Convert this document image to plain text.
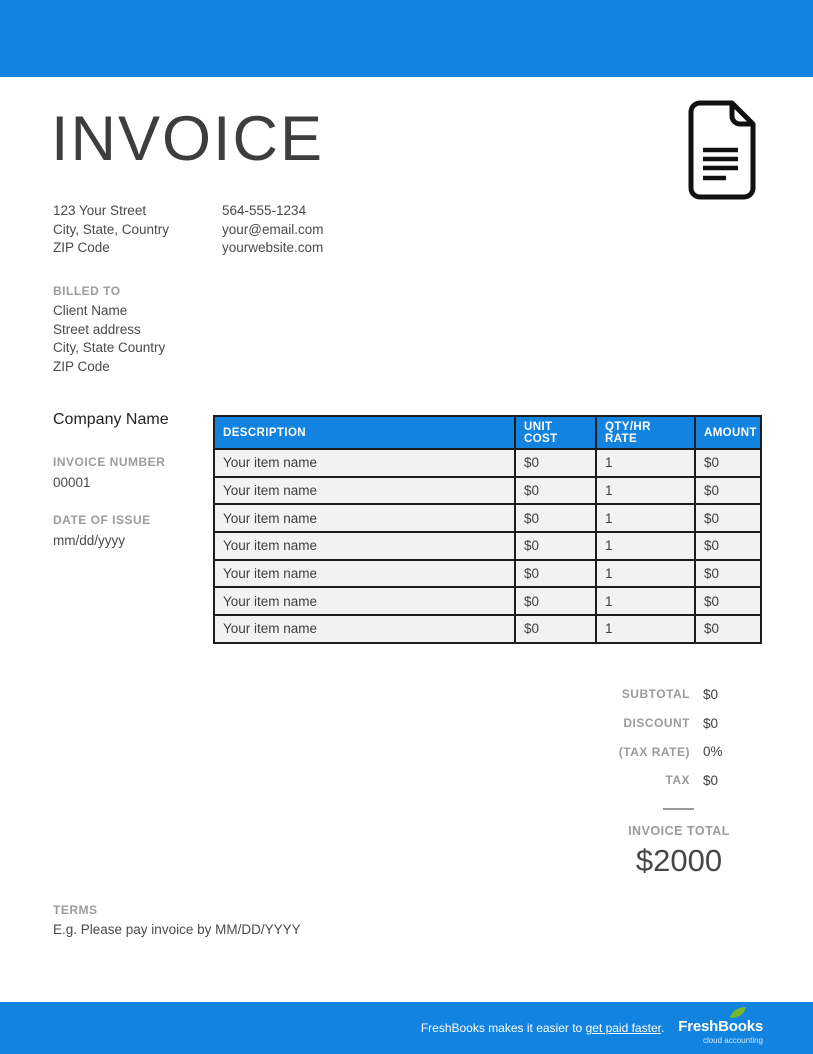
INVOICE
123 Your Street
City, State, Country
ZIP Code
564-555-1234
your@email.com
yourwebsite.com
BILLED TO
Client Name
Street address
City, State Country
ZIP Code
Company Name
INVOICE NUMBER
00001
DATE OF ISSUE
mm/dd/yyyy
DESCRIPTION	UNIT COST	QTY/HR RATE	AMOUNT
Your item name	$0	1	$0
Your item name	$0	1	$0
Your item name	$0	1	$0
Your item name	$0	1	$0
Your item name	$0	1	$0
Your item name	$0	1	$0
Your item name	$0	1	$0
SUBTOTAL $0
DISCOUNT $0
(TAX RATE) 0%
TAX $0
INVOICE TOTAL
$2000
TERMS
E.g. Please pay invoice by MM/DD/YYYY
FreshBooks makes it easier to get paid faster. FreshBooks
cloud accounting
